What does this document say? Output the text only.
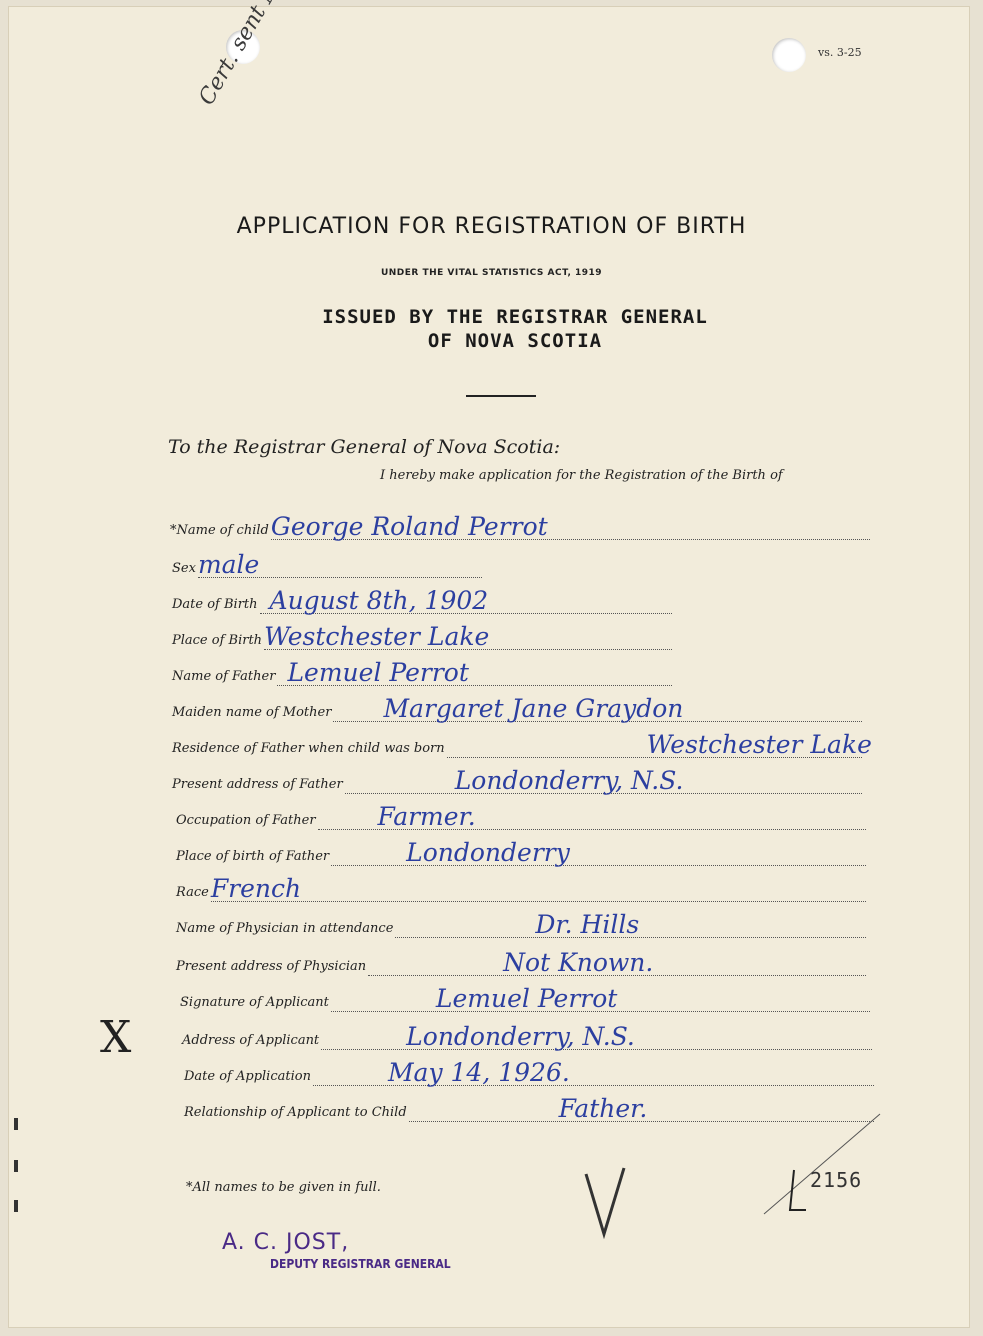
vs. 3-25
APPLICATION FOR REGISTRATION OF BIRTH
UNDER THE VITAL STATISTICS ACT, 1919
ISSUED BY THE REGISTRAR GENERAL
OF NOVA SCOTIA
To the Registrar General of Nova Scotia:
I hereby make application for the Registration of the Birth of
*Name of child George Roland Perrot
Sex male
Date of Birth August 8th, 1902
Place of Birth Westchester Lake
Name of Father Lemuel Perrot
Maiden name of Mother Margaret Jane Graydon
Residence of Father when child was born	Westchester Lake
Present address of Father	Londonderry, N.S.
Occupation of Father Farmer.
Place of birth of Father	Londonderry
Race French
Name of Physician in attendance	Dr. Hills
Present address of Physician	Not Known.
Signature of Applicant	Lemuel Perrot
Address of Applicant	Londonderry, N.S.
Date of Application	May 14, 1926.
Relationship of Applicant to Child	Father.
X
*All names to be given in full.	2156
A. C. JOST,
DEPUTY REGISTRAR GENERAL
